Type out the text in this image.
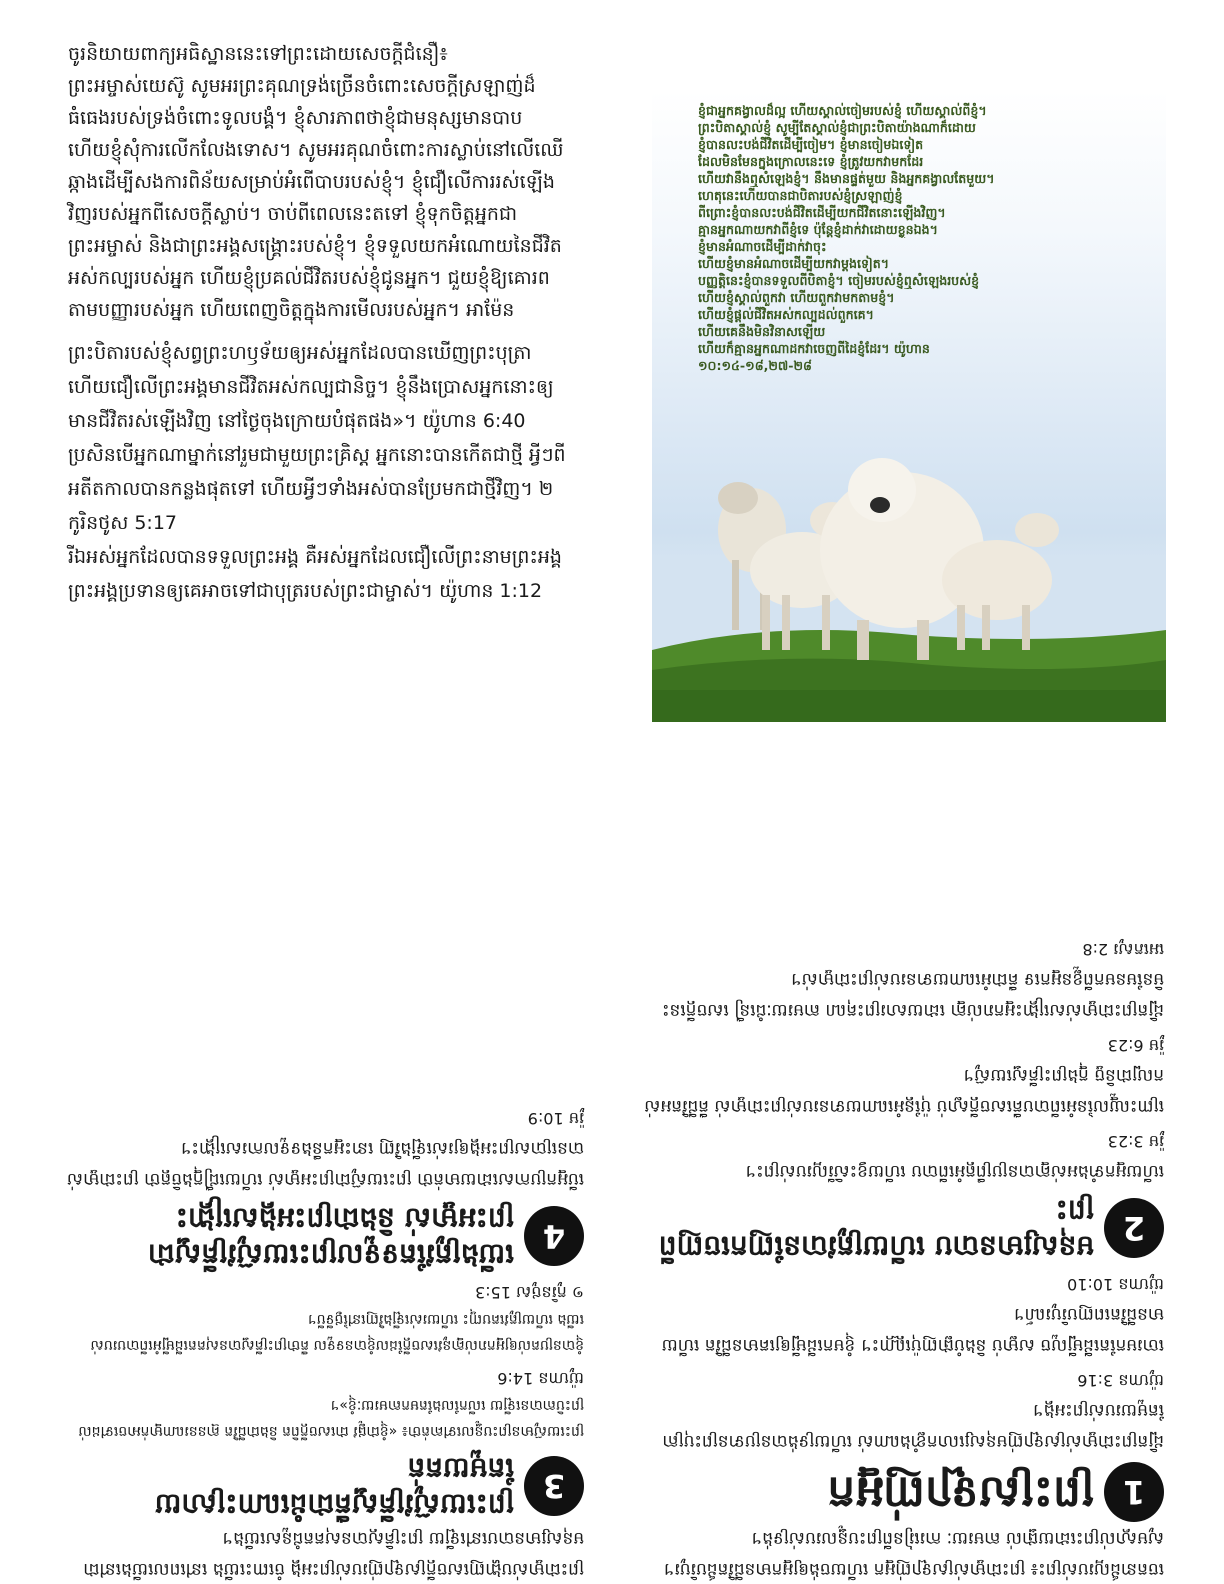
ចូរនិយាយពាក្យអធិស្ឋាននេះទៅព្រះដោយសេចក្តីជំនឿ៖ ព្រះអម្ចាស់យេស៊ូ សូមអរព្រះគុណទ្រង់ច្រើនចំពោះសេចក្តីស្រឡាញ់ដ៏ធំធេងរបស់ទ្រង់ចំពោះទូលបង្គំ។ ខ្ញុំសារភាពថាខ្ញុំជាមនុស្សមានបាប ហើយខ្ញុំសុំការលើកលែងទោស។ សូមអរគុណចំពោះការស្លាប់នៅលើឈើឆ្កាងដើម្បីសងការពិន័យសម្រាប់អំពើបាបរបស់ខ្ញុំ។ ខ្ញុំជឿលើការរស់ឡើងវិញរបស់អ្នកពីសេចក្តីស្លាប់។ ចាប់ពីពេលនេះតទៅ ខ្ញុំទុកចិត្តអ្នកជាព្រះអម្ចាស់ និងជាព្រះអង្គសង្គ្រោះរបស់ខ្ញុំ។ ខ្ញុំទទួលយកអំណោយនៃជីវិតអស់កល្បរបស់អ្នក ហើយខ្ញុំប្រគល់ជីវិតរបស់ខ្ញុំជូនអ្នក។ ជួយខ្ញុំឱ្យគោរពតាមបញ្ញារបស់អ្នក ហើយពេញចិត្តក្នុងការមើលរបស់អ្នក។ អាម៉ែន

ព្រះបិតារបស់ខ្ញុំសព្វព្រះហឫទ័យឲ្យអស់អ្នកដែលបានឃើញព្រះបុត្រា ហើយជឿលើព្រះអង្គមានជីវិតអស់កល្បជានិច្ច។ ខ្ញុំនឹងប្រោសអ្នកនោះឲ្យមានជីវិតរស់ឡើងវិញ នៅថ្ងៃចុងក្រោយបំផុតផង»។ យ៉ូហាន 6:40

ប្រសិនបើអ្នកណាម្នាក់នៅរួមជាមួយព្រះគ្រិស្ត អ្នកនោះបានកើតជាថ្មី អ្វីៗពីអតីតកាលបានកន្លងផុតទៅ ហើយអ្វីៗទាំងអស់បានប្រែមកជាថ្មីវិញ។ ២ កូរិនថូស 5:17

រីឯអស់អ្នកដែលបានទទួលព្រះអង្គ គឺអស់អ្នកដែលជឿលើព្រះនាមព្រះអង្គ ព្រះអង្គប្រទានឲ្យគេអាចទៅជាបុត្ររបស់ព្រះជាម្ចាស់។ យ៉ូហាន 1:12

ខ្ញុំជាអ្នកគង្វាលដ៏ល្អ ហើយស្គាល់ចៀមរបស់ខ្ញុំ ហើយស្គាល់ពីខ្ញុំ។
ព្រះបិតាស្គាល់ខ្ញុំ សូម្បីតែស្គាល់ខ្ញុំជាព្រះបិតាយ៉ាងណាក៏ដោយ
ខ្ញុំបានលះបង់ជីវិតដើម្បីចៀម។ ខ្ញុំមានចៀមឯទៀត
ដែលមិនមែនក្នុងក្រោលនេះទេ ខ្ញុំត្រូវយកវាមកដែរ
ហើយវានឹងឮសំឡេងខ្ញុំ។ នឹងមានផ្ទត់មួយ និងអ្នកគង្វាលតែមួយ។
ហេតុនេះហើយបានជាបិតារបស់ខ្ញុំស្រឡាញ់ខ្ញុំ
ពីព្រោះខ្ញុំបានលះបង់ជីវិតដើម្បីយកជីវិតនោះឡើងវិញ។
គ្មានអ្នកណាយកវាពីខ្ញុំទេ ប៉ុន្តែខ្ញុំដាក់វាដោយខ្លួនឯង។
ខ្ញុំមានអំណាចដើម្បីដាក់វាចុះ
ហើយខ្ញុំមានអំណាចដើម្បីយកវាម្តងទៀត។
បញ្ញត្តិនេះខ្ញុំបានទទួលពីបិតាខ្ញុំ។ ចៀមរបស់ខ្ញុំឮសំឡេងរបស់ខ្ញុំ
ហើយខ្ញុំស្គាល់ពួកវា ហើយពួកវាមកតាមខ្ញុំ។
ហើយខ្ញុំផ្តល់ជីវិតអស់កល្បដល់ពួកគេ។
ហើយគេនឹងមិនវិនាសឡើយ
ហើយក៏គ្មានអ្នកណាដកវាចេញពីដៃខ្ញុំដែរ។ យ៉ូហាន
១០:១៤-១៨,២៧-២៨

ចេតនាដ៏ល្អរបស់ព្រះ៖ ព្រះជាម្ចាស់ស្រឡាញ់អ្នក ហើយចង់ឲ្យអ្នកមានជីវិតដ៏បរិបូរ។ សូមស្គាល់ព្រះដោយផ្ទាល់ តាមរយៈ ការរៀនពីព្រះបន្ទូលរបស់ទ្រង់។

1
ព្រះស្រឡាញ់អ្នក

ដ្បិតព្រះជាម្ចាស់ស្រឡាញ់មនុស្សលោកខ្លាំងណាស់ ហើយទ្រង់បានប្រទានព្រះបុត្រាតែមួយរបស់ព្រះអង្គ។

យ៉ូហាន 3:16

ចោរមកតែដើម្បីលួច សម្លាប់ និងបំផ្លាញប៉ុណ្ណោះ។ ខ្ញុំមកដើម្បីឲ្យគេមានជីវិត ហើយមានជីវិតពេញបរិបូរណ៍។

យ៉ូហាន 10:10

2
មនុស្សមានបាប ហើយត្រូវបានញែកចេញពីព្រះ

ហើយអ្នកទាំងអស់គ្នាបានប្រព្រឹត្តអំពើបាប ហើយខ្វះសិរីល្អរបស់ព្រះ។

រ៉ូម 3:23

ព្រោះឈ្នួលនៃអំពើបាបគឺសេចក្តីស្លាប់ ប៉ុន្តែអំណោយទានរបស់ព្រះជាម្ចាស់ គឺជីវិតអស់កល្បជានិច្ច ក្នុងព្រះគ្រីស្ទយេស៊ូ។

រ៉ូម 6:23

ដ្បិតព្រះជាម្ចាស់សង្គ្រោះអ្នករាល់គ្នា ដោយសារព្រះគុណ តាមរយៈជំនឿ សេចក្តីនេះមិនមែនមកពីខ្លួនអ្នកទេ គឺជាអំណោយទានរបស់ព្រះជាម្ចាស់។

អេភេសូរ 2:8

ព្រះជាម្ចាស់បង្ហាញសេចក្តីស្រឡាញ់របស់ព្រះអង្គ ចំពោះយើង នៅពេលយើងនៅជាមនុស្សមានបាបនៅឡើយ ព្រះគ្រិស្តបានសុគតជំនួសយើង។

3
ព្រះយេស៊ូវគ្រីស្ទគឺជាដំណោះស្រាយតែមួយគត់

ព្រះយេស៊ូមានព្រះបន្ទូលទៅគាត់ថា៖ «ខ្ញុំជាផ្លូវ ជាសេចក្តីពិត និងជាជីវិត គ្មាននរណាម្នាក់អាចទៅដល់ព្រះបិតាបានឡើយ លើកលែងតែមកតាមរយៈខ្ញុំ»។

យ៉ូហាន 14:6

ខ្ញុំបានប្រគល់ឲ្យអ្នករាល់គ្នានូវសេចក្តីដែលខ្ញុំបានទទួល គឺថាព្រះគ្រីស្ទបានសុគតដើម្បីអំពើបាបរបស់យើង ហើយត្រូវគេបញ្ចុះ ហើយរស់ឡើងវិញនៅថ្ងៃទីបី។

១ កូរិនថូស 15:3

4
យើងត្រូវតែទទួលព្រះយេស៊ូវគ្រីស្ទជាព្រះអម្ចាស់ និងជាព្រះអង្គសង្គ្រោះ

បើអ្នកប្រកាសដោយមាត់ថា ព្រះយេស៊ូជាព្រះអម្ចាស់ ហើយជឿក្នុងចិត្តថា ព្រះជាម្ចាស់បានប្រោសព្រះអង្គឲ្យរស់ឡើងវិញ នោះអ្នកនឹងទទួលការសង្គ្រោះ។

រ៉ូម 10:9
